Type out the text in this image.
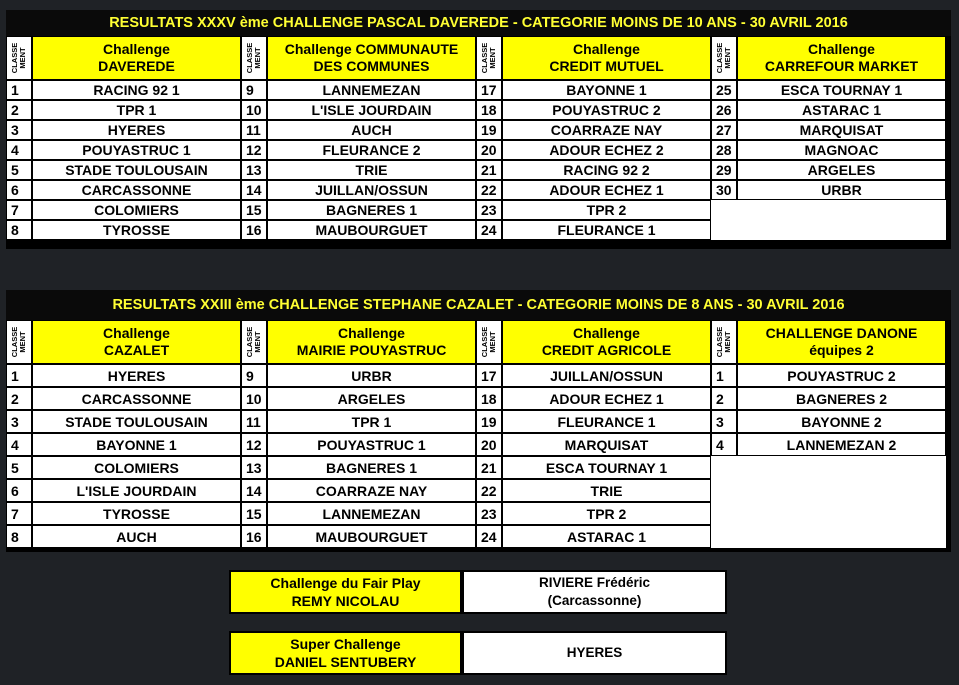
RESULTATS XXXV ème CHALLENGE PASCAL DAVEREDE - CATEGORIE MOINS DE 10 ANS - 30 AVRIL 2016
CLASSE MENT	Challenge
DAVEREDE
1	RACING 92 1
2	TPR 1
3	HYERES
4	POUYASTRUC 1
5	STADE TOULOUSAIN
6	CARCASSONNE
7	COLOMIERS
8	TYROSSE
CLASSE MENT Challenge COMMUNAUTE
DES COMMUNES
9	LANNEMEZAN
10	L'ISLE JOURDAIN
11	AUCH
12	FLEURANCE 2
13	TRIE
14	JUILLAN/OSSUN
15	BAGNERES 1
16	MAUBOURGUET
CLASSE MENT	Challenge
CREDIT MUTUEL
17	BAYONNE 1
18	POUYASTRUC 2
19	COARRAZE NAY
20	ADOUR ECHEZ 2
21	RACING 92 2
22	ADOUR ECHEZ 1
23	TPR 2
24	FLEURANCE 1
CLASSE MENT	Challenge
CARREFOUR MARKET
25	ESCA TOURNAY 1
26	ASTARAC 1
27	MARQUISAT
28	MAGNOAC
29	ARGELES
30	URBR
RESULTATS XXIII ème CHALLENGE STEPHANE CAZALET - CATEGORIE MOINS DE 8 ANS - 30 AVRIL 2016
CLASSE MENT	Challenge
CAZALET
1	HYERES
2	CARCASSONNE
3	STADE TOULOUSAIN
4	BAYONNE 1
5	COLOMIERS
6	L'ISLE JOURDAIN
7	TYROSSE
8	AUCH
CLASSE MENT	Challenge
MAIRIE POUYASTRUC
9	URBR
10	ARGELES
11	TPR 1
12	POUYASTRUC 1
13	BAGNERES 1
14	COARRAZE NAY
15	LANNEMEZAN
16	MAUBOURGUET
CLASSE MENT	Challenge
CREDIT AGRICOLE
17	JUILLAN/OSSUN
18	ADOUR ECHEZ 1
19	FLEURANCE 1
20	MARQUISAT
21	ESCA TOURNAY 1
22	TRIE
23	TPR 2
24	ASTARAC 1
CLASSE MENT CHALLENGE DANONE
équipes 2
1	POUYASTRUC 2
2	BAGNERES 2
3	BAYONNE 2
4	LANNEMEZAN 2
Challenge du Fair Play
REMY NICOLAU
RIVIERE Frédéric
(Carcassonne)
Super Challenge
DANIEL SENTUBERY
HYERES
